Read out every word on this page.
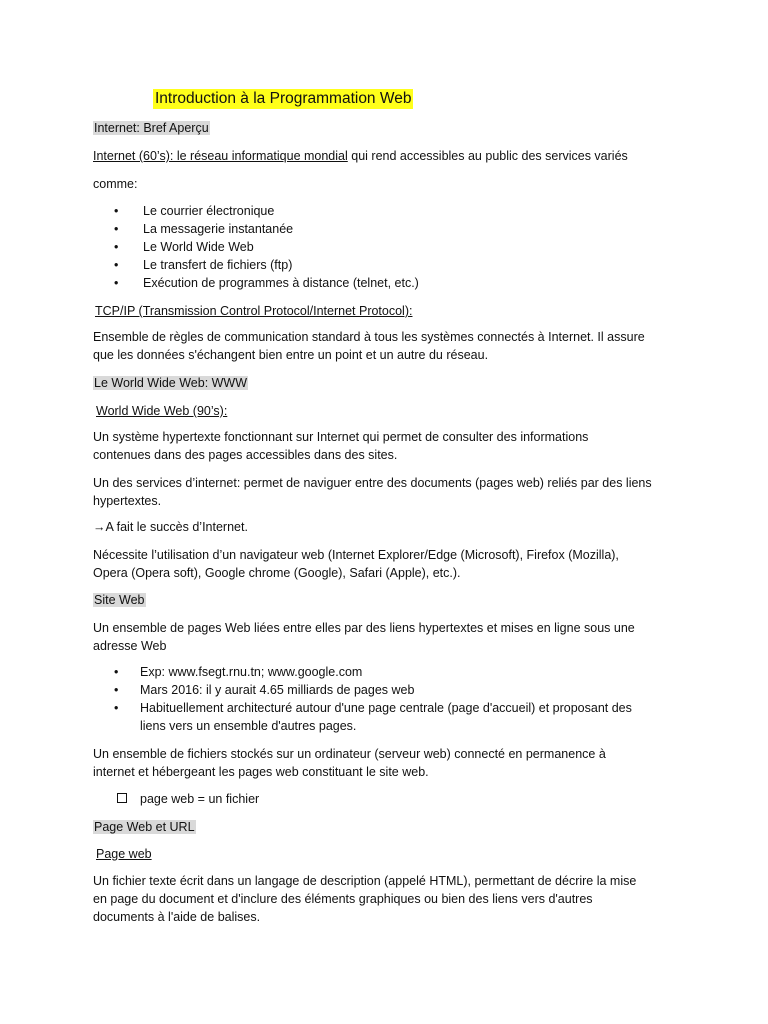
Introduction à la Programmation Web
Internet: Bref Aperçu
Internet (60’s): le réseau informatique mondial qui rend accessibles au public des services variés
comme:
• Le courrier électronique
• La messagerie instantanée
• Le World Wide Web
• Le transfert de fichiers (ftp)
• Exécution de programmes à distance (telnet, etc.)
TCP/IP (Transmission Control Protocol/Internet Protocol):
Ensemble de règles de communication standard à tous les systèmes connectés à Internet. Il assure
que les données s'échangent bien entre un point et un autre du réseau.
Le World Wide Web: WWW
World Wide Web (90’s):
Un système hypertexte fonctionnant sur Internet qui permet de consulter des informations
contenues dans des pages accessibles dans des sites.
Un des services d’internet: permet de naviguer entre des documents (pages web) reliés par des liens
hypertextes.
→A fait le succès d’Internet.
Nécessite l’utilisation d’un navigateur web (Internet Explorer/Edge (Microsoft), Firefox (Mozilla),
Opera (Opera soft), Google chrome (Google), Safari (Apple), etc.).
Site Web
Un ensemble de pages Web liées entre elles par des liens hypertextes et mises en ligne sous une
adresse Web
• Exp: www.fsegt.rnu.tn; www.google.com
• Mars 2016: il y aurait 4.65 milliards de pages web
• Habituellement architecturé autour d'une page centrale (page d'accueil) et proposant des
liens vers un ensemble d'autres pages.
Un ensemble de fichiers stockés sur un ordinateur (serveur web) connecté en permanence à
internet et hébergeant les pages web constituant le site web.
page web = un fichier
Page Web et URL
Page web
Un fichier texte écrit dans un langage de description (appelé HTML), permettant de décrire la mise
en page du document et d'inclure des éléments graphiques ou bien des liens vers d'autres
documents à l'aide de balises.
